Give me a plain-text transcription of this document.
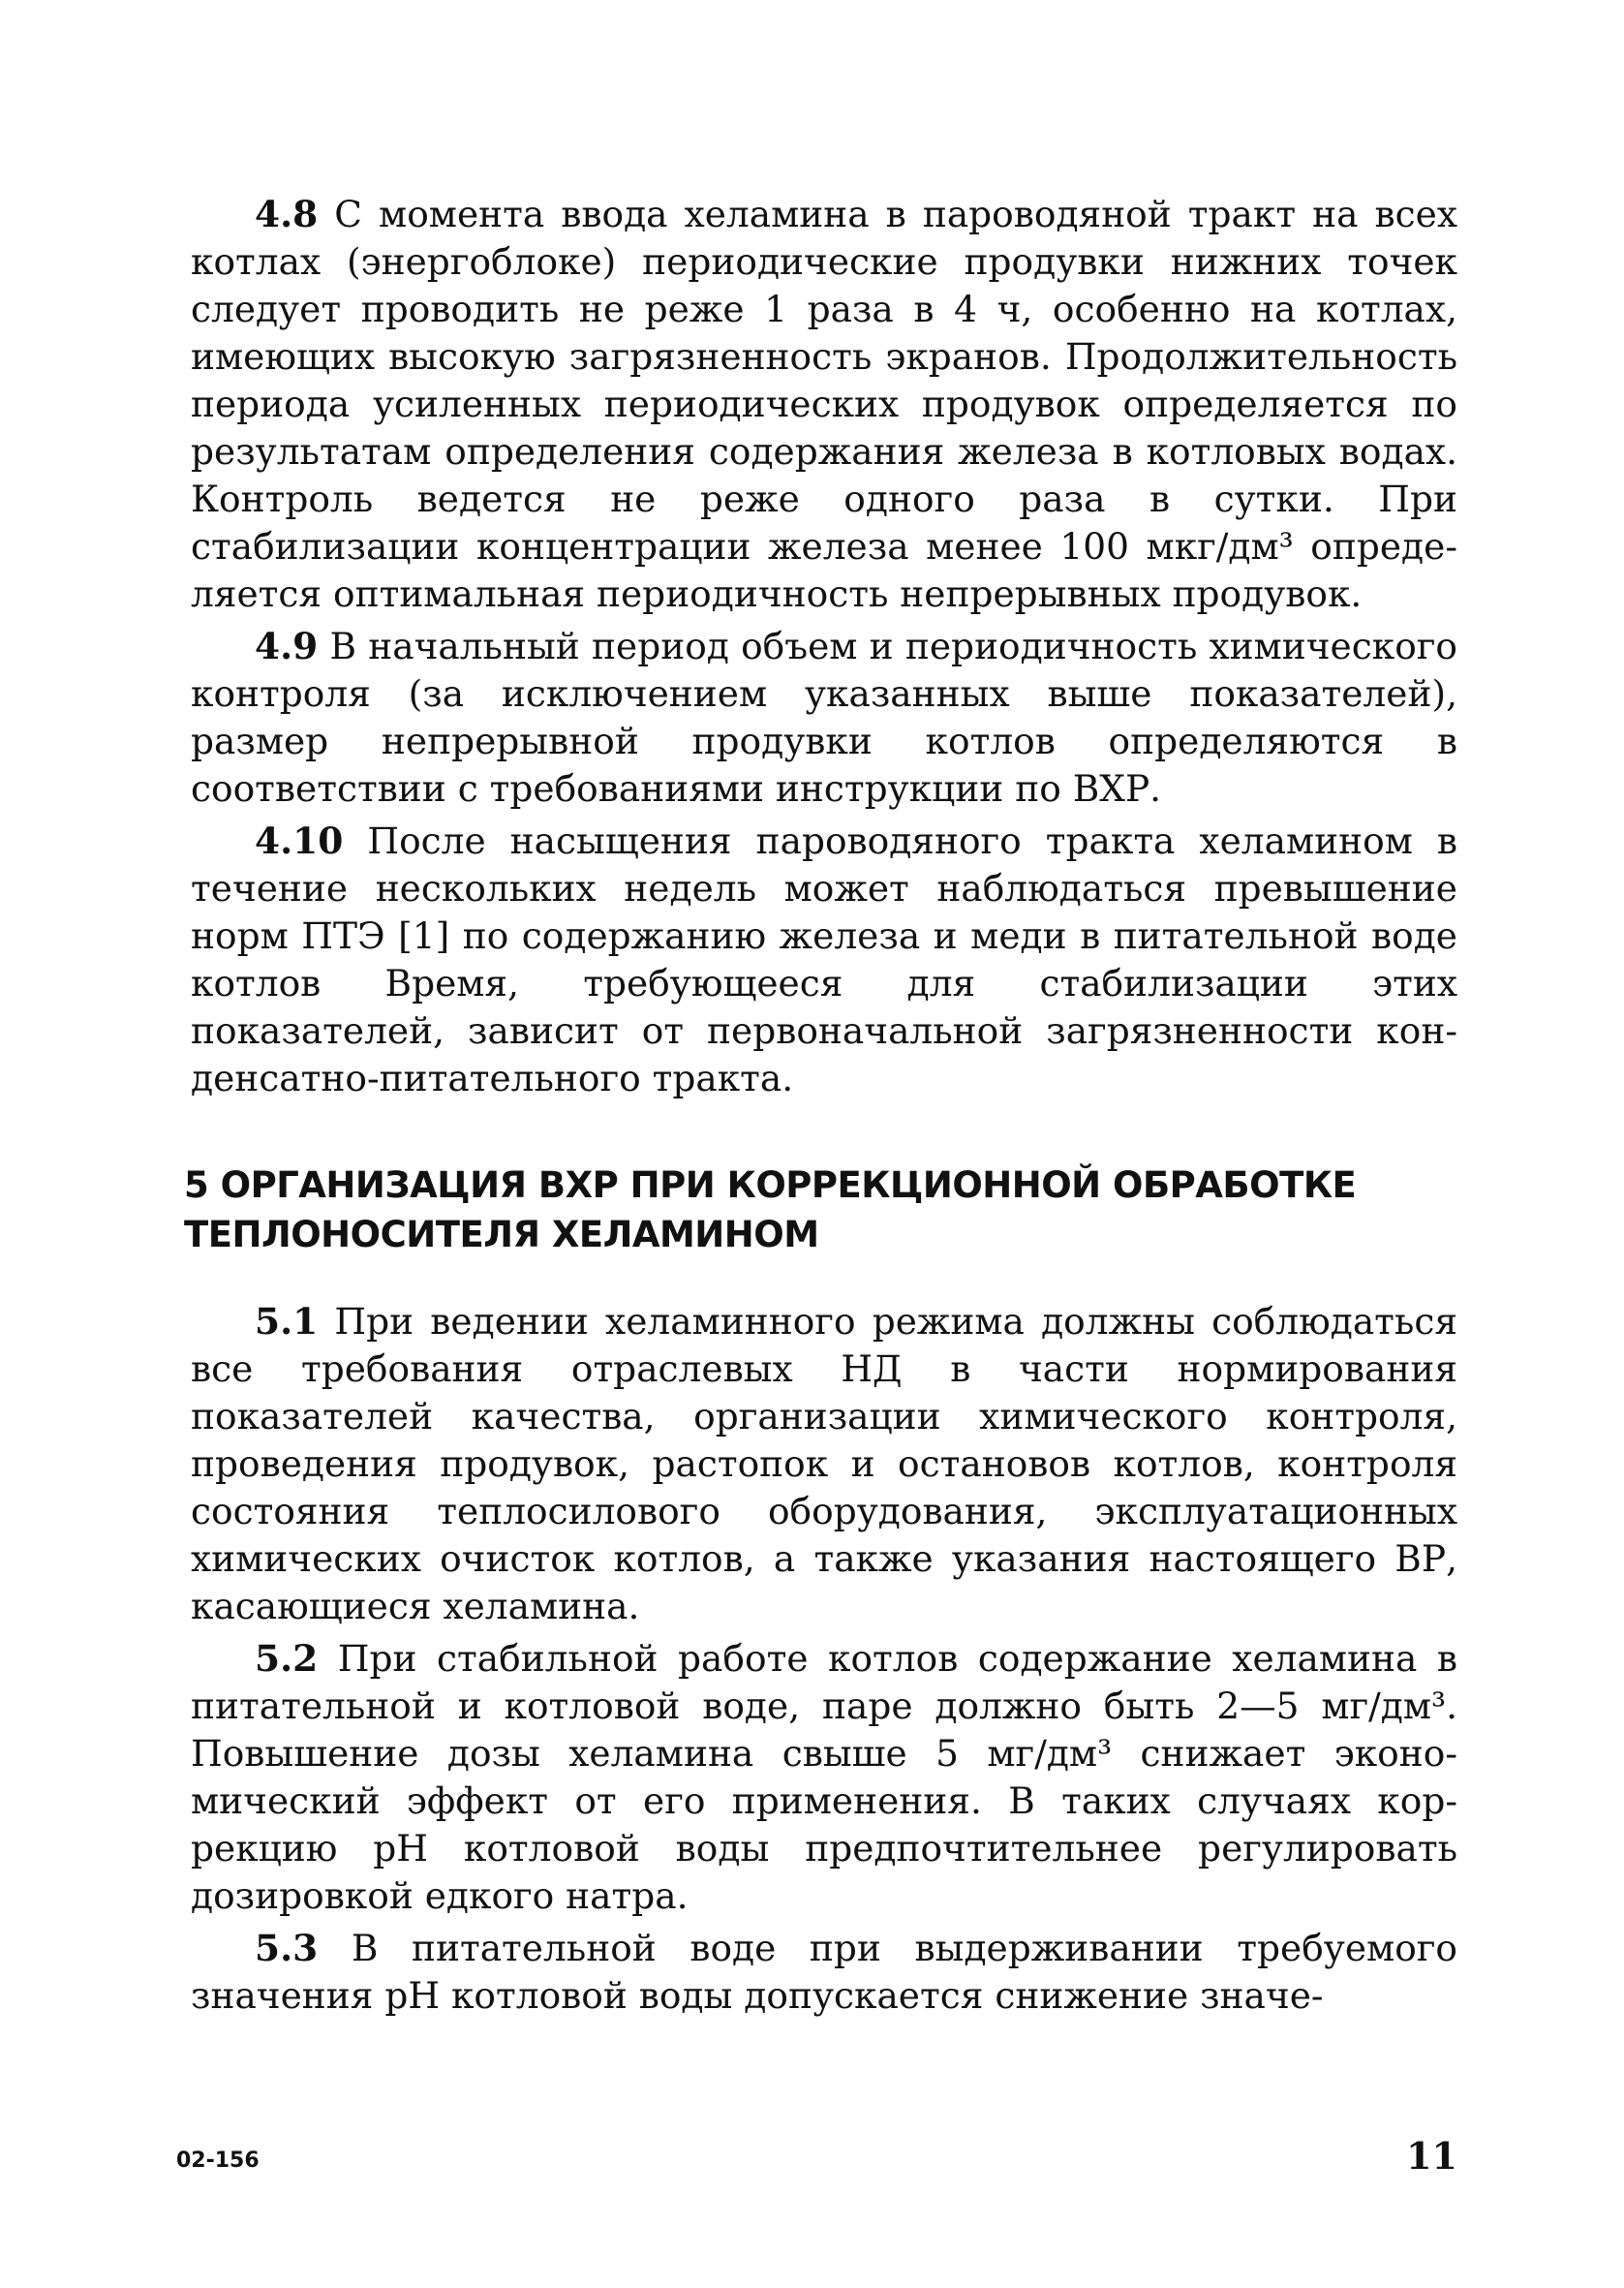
4.8 С момента ввода хеламина в пароводяной тракт на всех котлах (энергоблоке) периодические продувки нижних точек следует проводить не реже 1 раза в 4 ч, особенно на котлах, имеющих высокую загрязненность экранов. Продолжительность периода усиленных периодических продувок определяется по результатам определения содержания железа в котловых водах. Контроль ведется не реже одного раза в сутки. При стабилизации концентрации железа менее 100 мкг/дм³ определяется оптимальная периодичность непрерывных продувок.

4.9 В начальный период объем и периодичность химического контроля (за исключением указанных выше показателей), размер непрерывной продувки котлов определяются в соответствии с требованиями инструкции по ВХР.

4.10 После насыщения пароводяного тракта хеламином в течение нескольких недель может наблюдаться превышение норм ПТЭ [1] по содержанию железа и меди в питательной воде котлов Время, требующееся для стабилизации этих показателей, зависит от первоначальной загрязненности конденсатно-питательного тракта.

5 ОРГАНИЗАЦИЯ ВХР ПРИ КОРРЕКЦИОННОЙ ОБРАБОТКЕ
ТЕПЛОНОСИТЕЛЯ ХЕЛАМИНОМ

5.1 При ведении хеламинного режима должны соблюдаться все требования отраслевых НД в части нормирования показателей качества, организации химического контроля, проведения продувок, растопок и остановов котлов, контроля состояния теплосилового оборудования, эксплуатационных химических очисток котлов, а также указания настоящего ВР, касающиеся хеламина.

5.2 При стабильной работе котлов содержание хеламина в питательной и котловой воде, паре должно быть 2—5 мг/дм³. Повышение дозы хеламина свыше 5 мг/дм³ снижает экономический эффект от его применения. В таких случаях коррекцию pH котловой воды предпочтительнее регулировать дозировкой едкого натра.

5.3 В питательной воде при выдерживании требуемого значения pH котловой воды допускается снижение значе-

02-156	11
